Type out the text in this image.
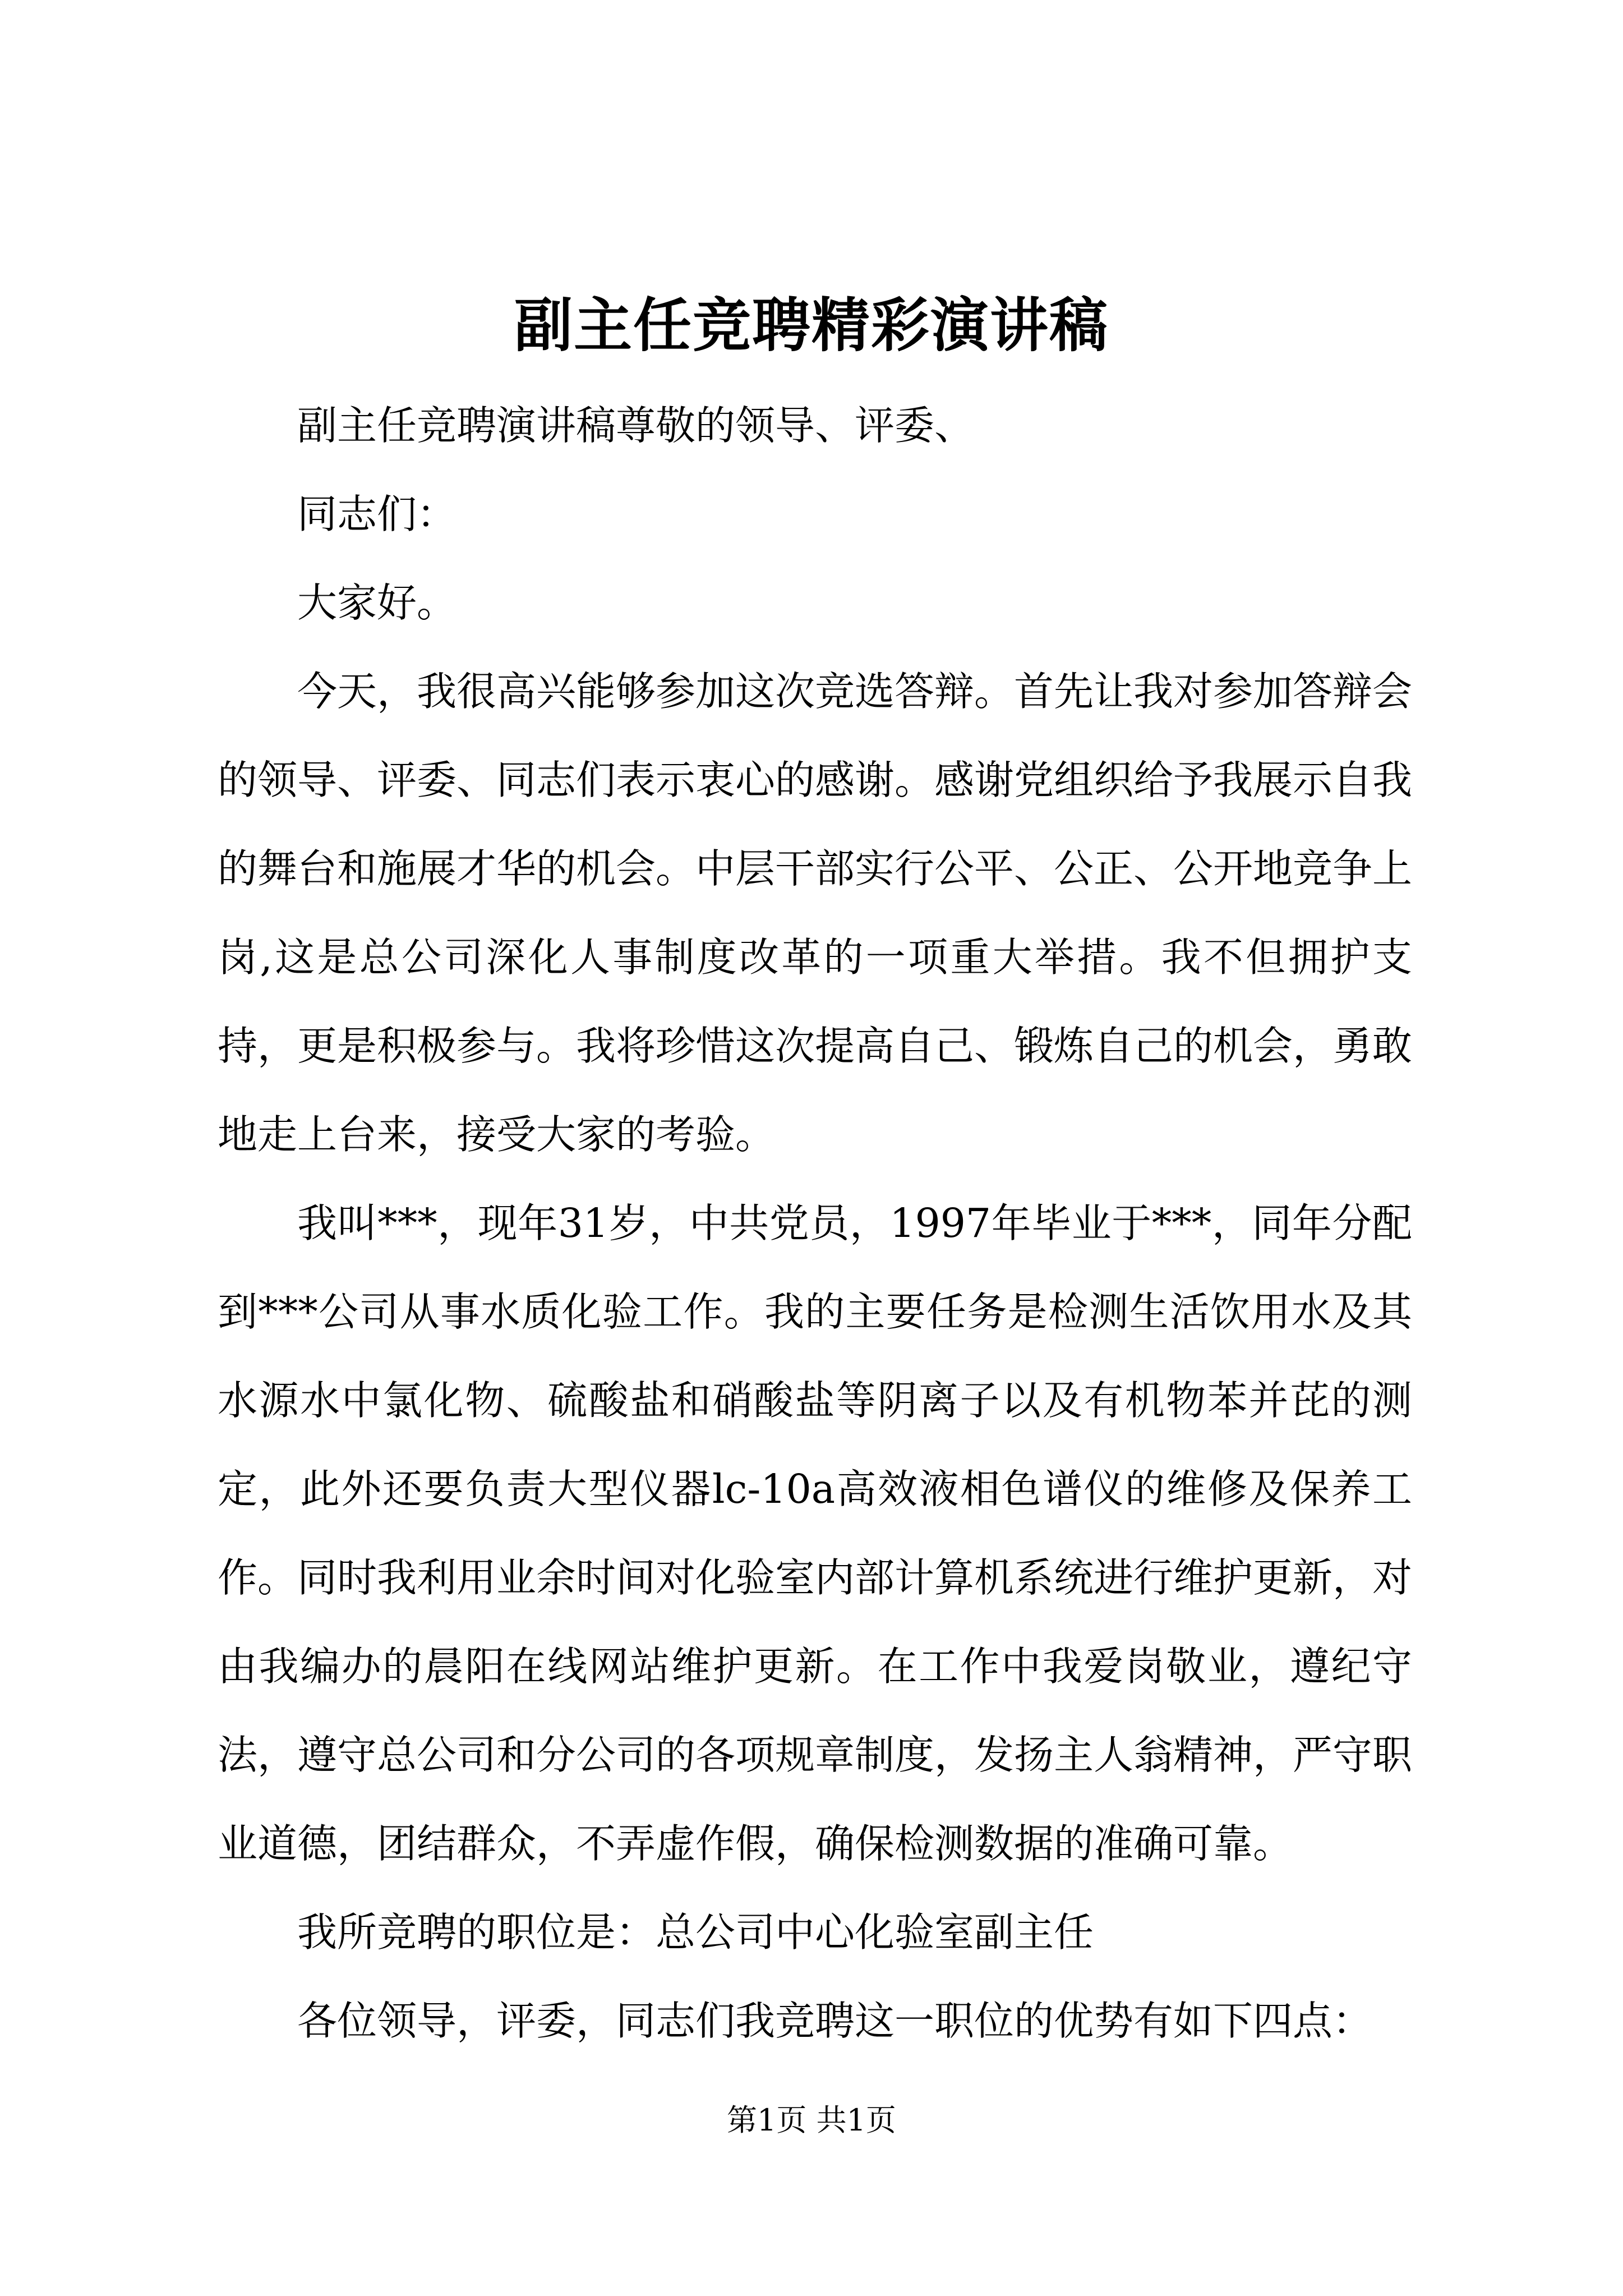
副主任竞聘精彩演讲稿

副主任竞聘演讲稿尊敬的领导、评委、

同志们：

大家好。

今天，我很高兴能够参加这次竞选答辩。首先让我对参加答辩会的领导、评委、同志们表示衷心的感谢。感谢党组织给予我展示自我的舞台和施展才华的机会。中层干部实行公平、公正、公开地竞争上岗,这是总公司深化人事制度改革的一项重大举措。我不但拥护支持，更是积极参与。我将珍惜这次提高自己、锻炼自己的机会，勇敢地走上台来，接受大家的考验。

我叫***，现年31岁，中共党员，1997年毕业于***，同年分配到***公司从事水质化验工作。我的主要任务是检测生活饮用水及其水源水中氯化物、硫酸盐和硝酸盐等阴离子以及有机物苯并芘的测定，此外还要负责大型仪器lc-10a高效液相色谱仪的维修及保养工作。同时我利用业余时间对化验室内部计算机系统进行维护更新，对由我编办的晨阳在线网站维护更新。在工作中我爱岗敬业，遵纪守法，遵守总公司和分公司的各项规章制度，发扬主人翁精神，严守职业道德，团结群众，不弄虚作假，确保检测数据的准确可靠。

我所竞聘的职位是：总公司中心化验室副主任

各位领导，评委，同志们我竞聘这一职位的优势有如下四点：

第1页 共1页
